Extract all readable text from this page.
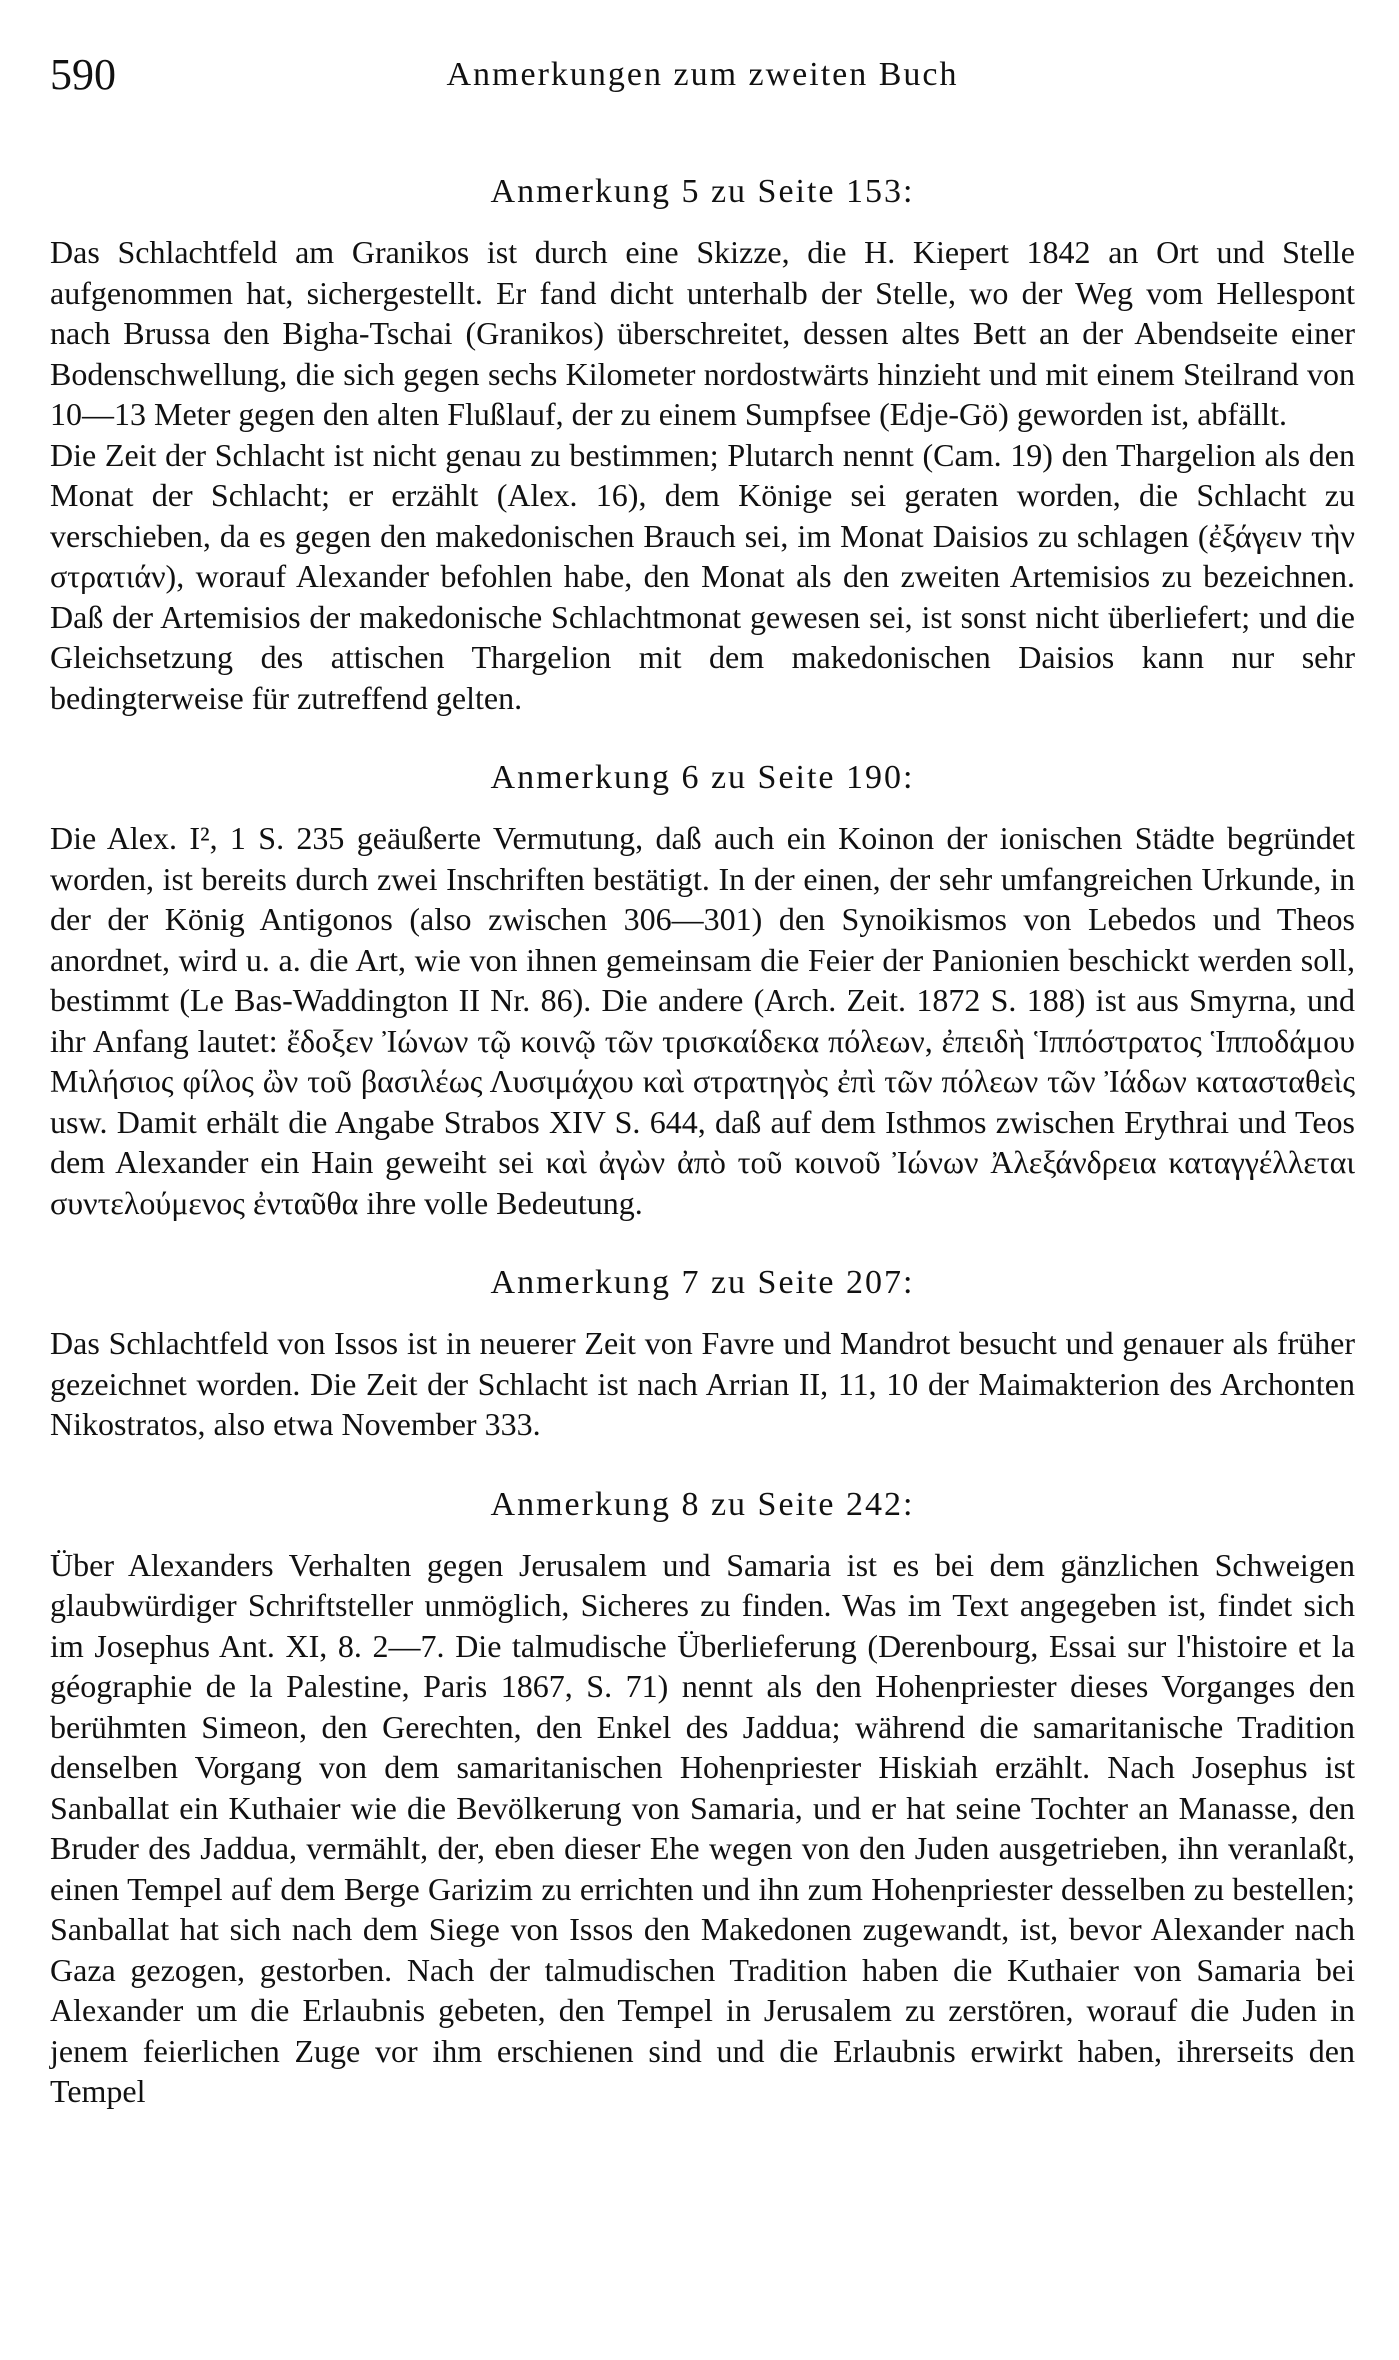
590	Anmerkungen zum zweiten Buch
Anmerkung 5 zu Seite 153:

Das Schlachtfeld am Granikos ist durch eine Skizze, die H. Kiepert 1842 an Ort und Stelle aufgenommen hat, sichergestellt. Er fand dicht unterhalb der Stelle, wo der Weg vom Hellespont nach Brussa den Bigha-Tschai (Granikos) überschreitet, dessen altes Bett an der Abendseite einer Bodenschwellung, die sich gegen sechs Kilometer nordostwärts hinzieht und mit einem Steilrand von 10—13 Meter gegen den alten Flußlauf, der zu einem Sumpfsee (Edje-Gö) geworden ist, abfällt.

Die Zeit der Schlacht ist nicht genau zu bestimmen; Plutarch nennt (Cam. 19) den Thargelion als den Monat der Schlacht; er erzählt (Alex. 16), dem Könige sei geraten worden, die Schlacht zu verschieben, da es gegen den makedonischen Brauch sei, im Monat Daisios zu schlagen (ἐξάγειν τὴν στρατιάν), worauf Alexander befohlen habe, den Monat als den zweiten Artemisios zu bezeichnen. Daß der Artemisios der makedonische Schlachtmonat gewesen sei, ist sonst nicht überliefert; und die Gleichsetzung des attischen Thargelion mit dem makedonischen Daisios kann nur sehr bedingterweise für zutreffend gelten.

Anmerkung 6 zu Seite 190:

Die Alex. I², 1 S. 235 geäußerte Vermutung, daß auch ein Koinon der ionischen Städte begründet worden, ist bereits durch zwei Inschriften bestätigt. In der einen, der sehr umfangreichen Urkunde, in der der König Antigonos (also zwischen 306—301) den Synoikismos von Lebedos und Theos anordnet, wird u. a. die Art, wie von ihnen gemeinsam die Feier der Panionien beschickt werden soll, bestimmt (Le Bas-Waddington II Nr. 86). Die andere (Arch. Zeit. 1872 S. 188) ist aus Smyrna, und ihr Anfang lautet: ἔδοξεν Ἰώνων τῷ κοινῷ τῶν τρισκαίδεκα πόλεων, ἐπειδὴ Ἱππόστρατος Ἱπποδάμου Μιλήσιος φίλος ὢν τοῦ βασιλέως Λυσιμάχου καὶ στρατηγὸς ἐπὶ τῶν πόλεων τῶν Ἰάδων κατασταθεὶς usw. Damit erhält die Angabe Strabos XIV S. 644, daß auf dem Isthmos zwischen Erythrai und Teos dem Alexander ein Hain geweiht sei καὶ ἀγὼν ἀπὸ τοῦ κοινοῦ Ἰώνων Ἀλεξάνδρεια καταγγέλλεται συντελούμενος ἐνταῦθα ihre volle Bedeutung.

Anmerkung 7 zu Seite 207:

Das Schlachtfeld von Issos ist in neuerer Zeit von Favre und Mandrot besucht und genauer als früher gezeichnet worden. Die Zeit der Schlacht ist nach Arrian II, 11, 10 der Maimakterion des Archonten Nikostratos, also etwa November 333.

Anmerkung 8 zu Seite 242:

Über Alexanders Verhalten gegen Jerusalem und Samaria ist es bei dem gänzlichen Schweigen glaubwürdiger Schriftsteller unmöglich, Sicheres zu finden. Was im Text angegeben ist, findet sich im Josephus Ant. XI, 8. 2—7. Die talmudische Überlieferung (Derenbourg, Essai sur l'histoire et la géographie de la Palestine, Paris 1867, S. 71) nennt als den Hohenpriester dieses Vorganges den berühmten Simeon, den Gerechten, den Enkel des Jaddua; während die samaritanische Tradition denselben Vorgang von dem samaritanischen Hohenpriester Hiskiah erzählt. Nach Josephus ist Sanballat ein Kuthaier wie die Bevölkerung von Samaria, und er hat seine Tochter an Manasse, den Bruder des Jaddua, vermählt, der, eben dieser Ehe wegen von den Juden ausgetrieben, ihn veranlaßt, einen Tempel auf dem Berge Garizim zu errichten und ihn zum Hohenpriester desselben zu bestellen; Sanballat hat sich nach dem Siege von Issos den Makedonen zugewandt, ist, bevor Alexander nach Gaza gezogen, gestorben. Nach der talmudischen Tradition haben die Kuthaier von Samaria bei Alexander um die Erlaubnis gebeten, den Tempel in Jerusalem zu zerstören, worauf die Juden in jenem feierlichen Zuge vor ihm erschienen sind und die Erlaubnis erwirkt haben, ihrerseits den Tempel
